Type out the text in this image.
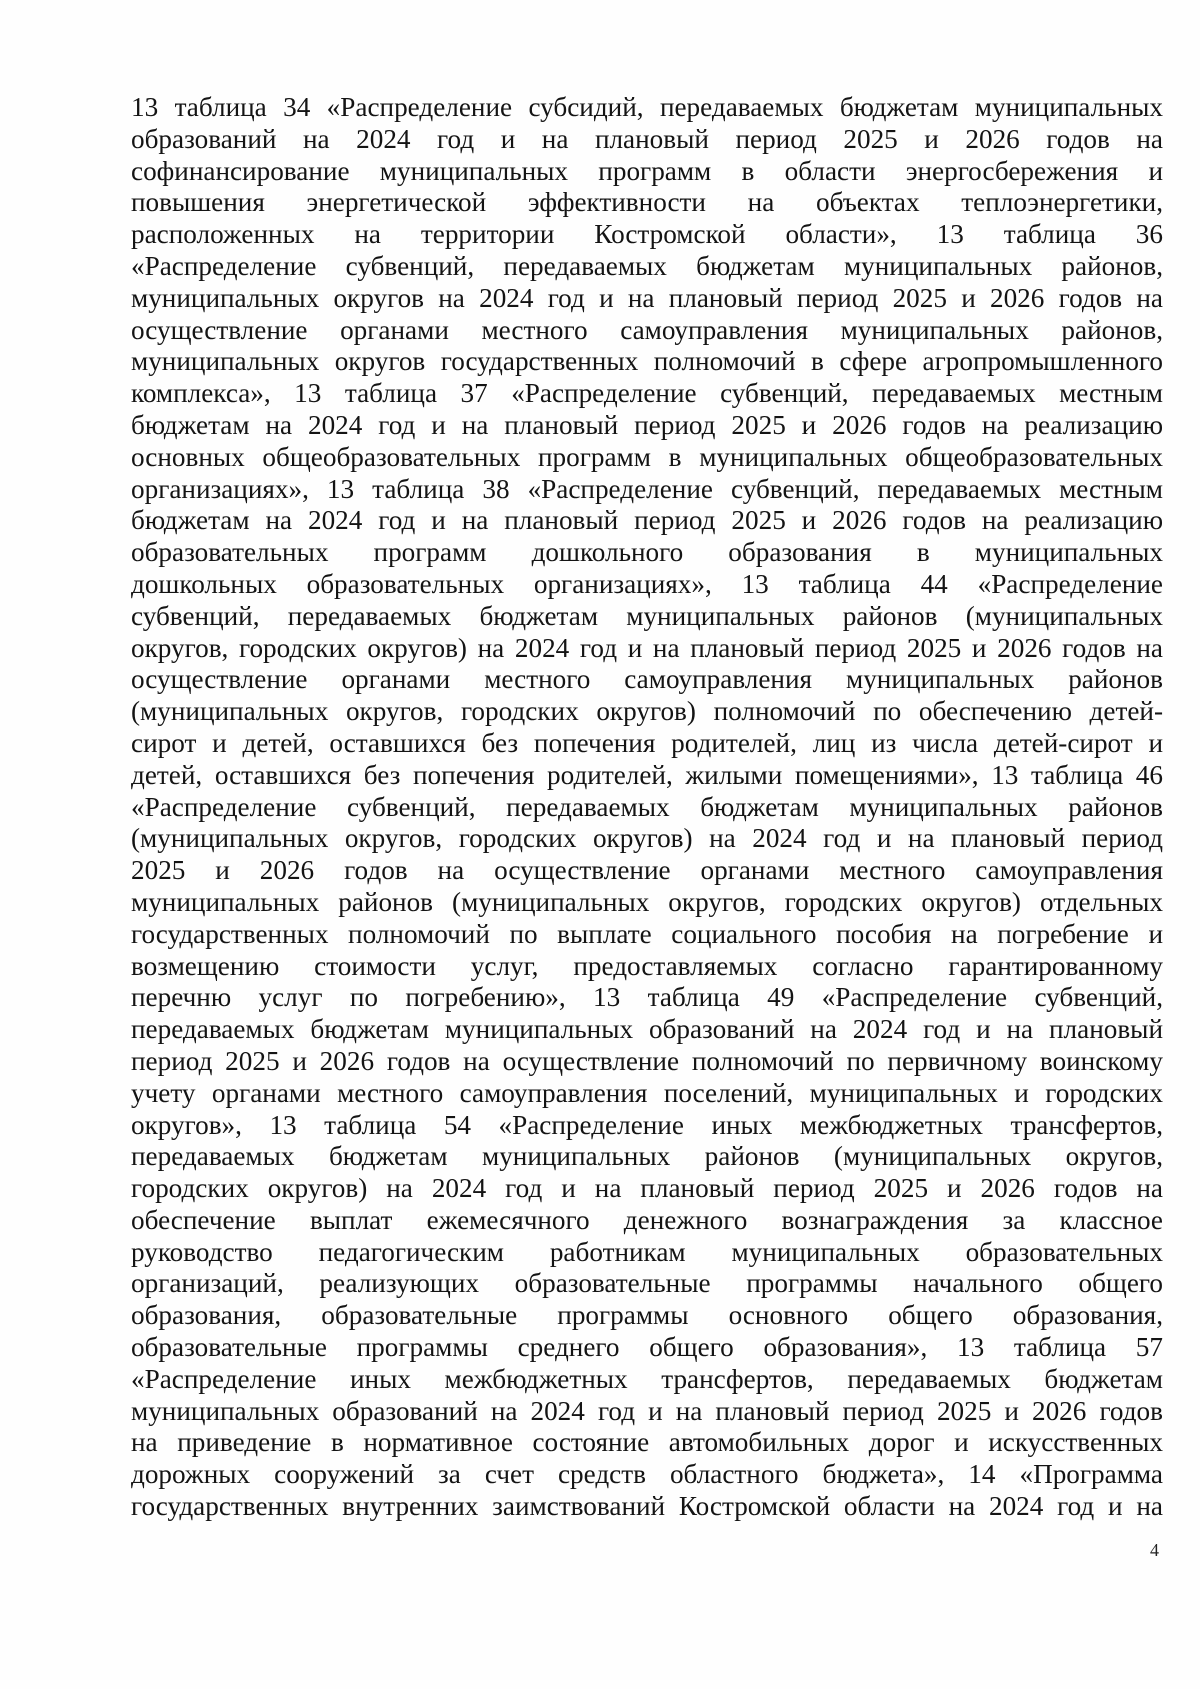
13 таблица 34 «Распределение субсидий, передаваемых бюджетам муниципальных
образований на 2024 год и на плановый период 2025 и 2026 годов на
софинансирование муниципальных программ в области энергосбережения и
повышения энергетической эффективности на объектах теплоэнергетики,
расположенных на территории Костромской области», 13 таблица 36
«Распределение субвенций, передаваемых бюджетам муниципальных районов,
муниципальных округов на 2024 год и на плановый период 2025 и 2026 годов на
осуществление органами местного самоуправления муниципальных районов,
муниципальных округов государственных полномочий в сфере агропромышленного
комплекса», 13 таблица 37 «Распределение субвенций, передаваемых местным
бюджетам на 2024 год и на плановый период 2025 и 2026 годов на реализацию
основных общеобразовательных программ в муниципальных общеобразовательных
организациях», 13 таблица 38 «Распределение субвенций, передаваемых местным
бюджетам на 2024 год и на плановый период 2025 и 2026 годов на реализацию
образовательных программ дошкольного образования в муниципальных
дошкольных образовательных организациях», 13 таблица 44 «Распределение
субвенций, передаваемых бюджетам муниципальных районов (муниципальных
округов, городских округов) на 2024 год и на плановый период 2025 и 2026 годов на
осуществление органами местного самоуправления муниципальных районов
(муниципальных округов, городских округов) полномочий по обеспечению детей-
сирот и детей, оставшихся без попечения родителей, лиц из числа детей-сирот и
детей, оставшихся без попечения родителей, жилыми помещениями», 13 таблица 46
«Распределение субвенций, передаваемых бюджетам муниципальных районов
(муниципальных округов, городских округов) на 2024 год и на плановый период
2025 и 2026 годов на осуществление органами местного самоуправления
муниципальных районов (муниципальных округов, городских округов) отдельных
государственных полномочий по выплате социального пособия на погребение и
возмещению стоимости услуг, предоставляемых согласно гарантированному
перечню услуг по погребению», 13 таблица 49 «Распределение субвенций,
передаваемых бюджетам муниципальных образований на 2024 год и на плановый
период 2025 и 2026 годов на осуществление полномочий по первичному воинскому
учету органами местного самоуправления поселений, муниципальных и городских
округов», 13 таблица 54 «Распределение иных межбюджетных трансфертов,
передаваемых бюджетам муниципальных районов (муниципальных округов,
городских округов) на 2024 год и на плановый период 2025 и 2026 годов на
обеспечение выплат ежемесячного денежного вознаграждения за классное
руководство педагогическим работникам муниципальных образовательных
организаций, реализующих образовательные программы начального общего
образования, образовательные программы основного общего образования,
образовательные программы среднего общего образования», 13 таблица 57
«Распределение иных межбюджетных трансфертов, передаваемых бюджетам
муниципальных образований на 2024 год и на плановый период 2025 и 2026 годов
на приведение в нормативное состояние автомобильных дорог и искусственных
дорожных сооружений за счет средств областного бюджета», 14 «Программа
государственных внутренних заимствований Костромской области на 2024 год и на
4
